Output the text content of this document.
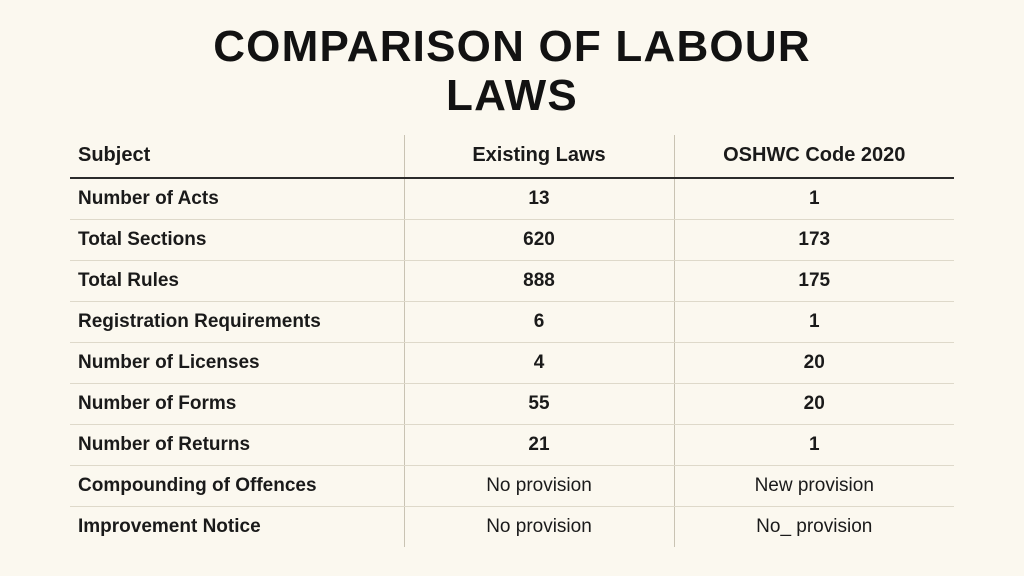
COMPARISON OF LABOUR LAWS
Subject	Existing Laws	OSHWC Code 2020
Number of Acts	13	1
Total Sections	620	173
Total Rules	888	175
Registration Requirements	6	1
Number of Licenses	4	20
Number of Forms	55	20
Number of Returns	21	1
Compounding of Offences	No provision	New provision
Improvement Notice	No provision	No_ provision
